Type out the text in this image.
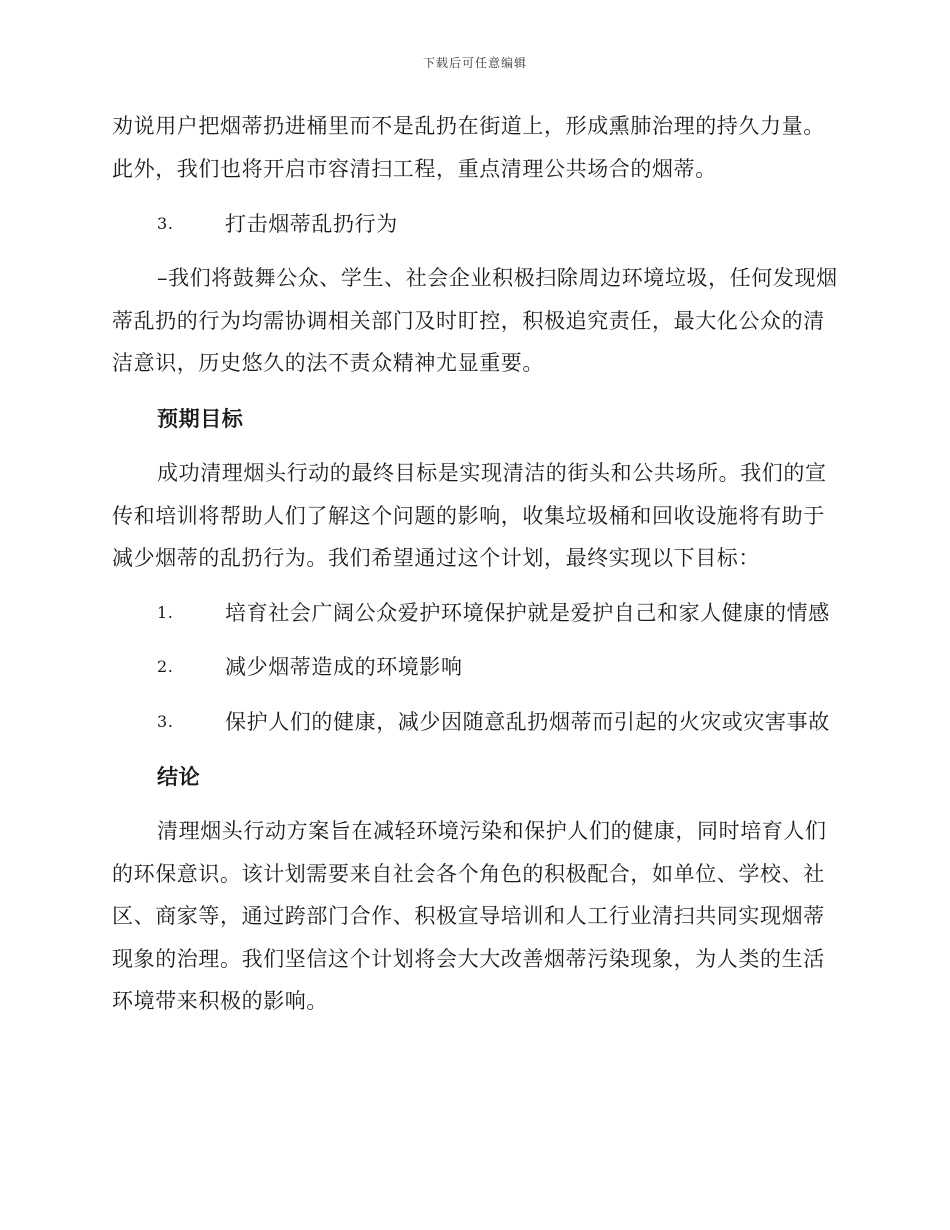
下载后可任意编辑

劝说用户把烟蒂扔进桶里而不是乱扔在街道上，形成熏肺治理的持久力量。此外，我们也将开启市容清扫工程，重点清理公共场合的烟蒂。

3. 打击烟蒂乱扔行为

–我们将鼓舞公众、学生、社会企业积极扫除周边环境垃圾，任何发现烟蒂乱扔的行为均需协调相关部门及时盯控，积极追究责任，最大化公众的清洁意识，历史悠久的法不责众精神尤显重要。

预期目标

成功清理烟头行动的最终目标是实现清洁的街头和公共场所。我们的宣传和培训将帮助人们了解这个问题的影响，收集垃圾桶和回收设施将有助于减少烟蒂的乱扔行为。我们希望通过这个计划，最终实现以下目标：

1. 培育社会广阔公众爱护环境保护就是爱护自己和家人健康的情感
2. 减少烟蒂造成的环境影响
3. 保护人们的健康，减少因随意乱扔烟蒂而引起的火灾或灾害事故
结论

清理烟头行动方案旨在减轻环境污染和保护人们的健康，同时培育人们的环保意识。该计划需要来自社会各个角色的积极配合，如单位、学校、社区、商家等，通过跨部门合作、积极宣导培训和人工行业清扫共同实现烟蒂现象的治理。我们坚信这个计划将会大大改善烟蒂污染现象，为人类的生活环境带来积极的影响。
